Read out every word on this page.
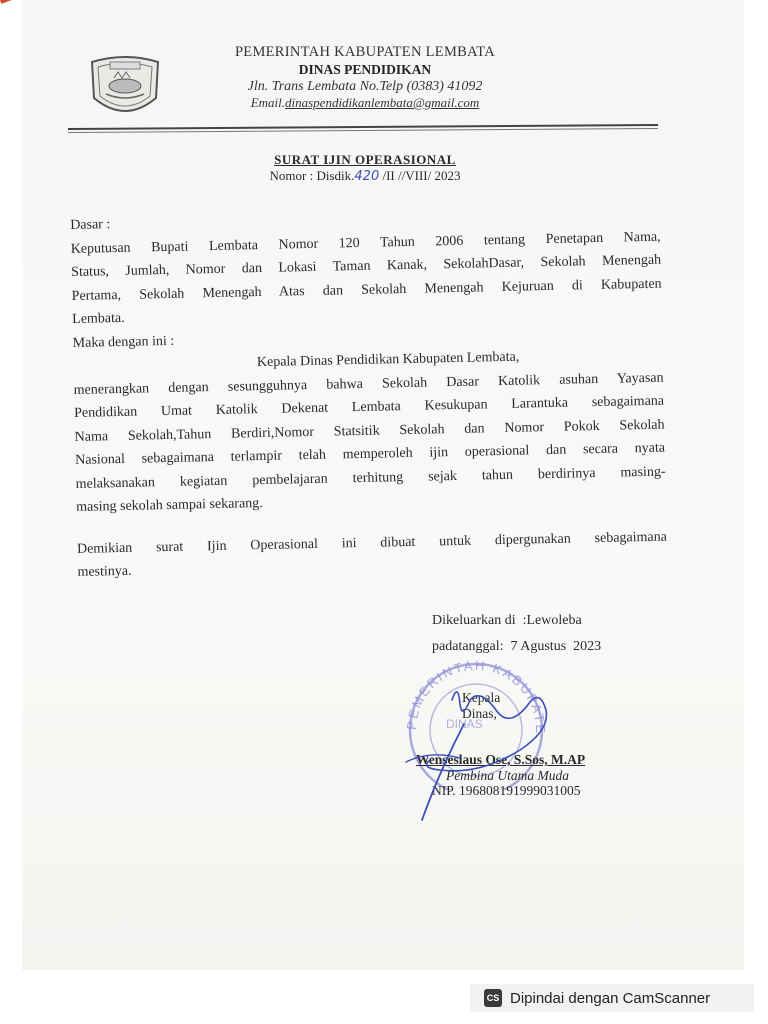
PEMERINTAH KABUPATEN LEMBATA
DINAS PENDIDIKAN
Jln. Trans Lembata No.Telp (0383) 41092
Email.dinaspendidikanlembata@gmail.com
SURAT IJIN OPERASIONAL
Nomor : Disdik.420 /II //VIII/ 2023
Dasar :
Keputusan Bupati Lembata Nomor 120 Tahun 2006 tentang Penetapan Nama,
Status, Jumlah, Nomor dan Lokasi Taman Kanak, SekolahDasar, Sekolah Menengah
Pertama, Sekolah Menengah Atas dan Sekolah Menengah Kejuruan di Kabupaten
Lembata.
Maka dengan ini :
Kepala Dinas Pendidikan Kabupaten Lembata,
menerangkan dengan sesungguhnya bahwa Sekolah Dasar Katolik asuhan Yayasan
Pendidikan Umat Katolik Dekenat Lembata Kesukupan Larantuka sebagaimana
Nama Sekolah,Tahun Berdiri,Nomor Statsitik Sekolah dan Nomor Pokok Sekolah
Nasional sebagaimana terlampir telah memperoleh ijin operasional dan secara nyata
melaksanakan kegiatan pembelajaran terhitung sejak tahun berdirinya masing-
masing sekolah sampai sekarang.
Demikian surat Ijin Operasional ini dibuat untuk dipergunakan sebagaimana
mestinya.
Dikeluarkan di  :Lewoleba
padatanggal:  7 Agustus  2023
PEMERINTAH KABUPATE
DINAS
Kepala Dinas,
Wenseslaus Ose, S.Sos, M.AP
Pembina Utama Muda
NIP. 196808191999031005
CS Dipindai dengan CamScanner
